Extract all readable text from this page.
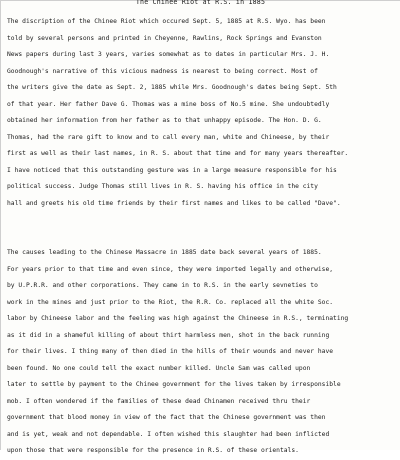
The Chinee Riot at R.S. in 1885
The discription of the Chinee Riot which occured Sept. 5, 1885 at R.S. Wyo. has been
told by several persons and printed in Cheyenne, Rawlins, Rock Springs and Evanston
News papers during last 3 years, varies somewhat as to dates in particular Mrs. J. H.
Goodnough's narrative of this vicious madness is nearest to being correct. Most of
the writers give the date as Sept. 2, 1885 while Mrs. Goodnough's dates being Sept. 5th
of that year. Her father Dave G. Thomas was a mine boss of No.5 mine. She undoubtedly
obtained her information from her father as to that unhappy episode. The Hon. D. G.
Thomas, had the rare gift to know and to call every man, white and Chineese, by their
first as well as their last names, in R. S. about that time and for many years thereafter.
I have noticed that this outstanding gesture was in a large measure responsible for his
political success. Judge Thomas still lives in R. S. having his office in the city
hall and greets his old time friends by their first names and likes to be called "Dave".
The causes leading to the Chinese Massacre in 1885 date back several years of 1885.
For years prior to that time and even since, they were imported legally and otherwise,
by U.P.R.R. and other corporations. They came in to R.S. in the early sevneties to
work in the mines and just prior to the Riot, the R.R. Co. replaced all the white Soc.
labor by Chineese labor and the feeling was high against the Chineese in R.S., terminating
as it did in a shameful killing of about thirt harmless men, shot in the back running
for their lives. I thing many of then died in the hills of their wounds and never have
been found. No one could tell the exact number killed. Uncle Sam was called upon
later to settle by payment to the Chinee government for the lives taken by irresponsible
mob. I often wondered if the families of these dead Chinamen received thru their
government that blood money in view of the fact that the Chinese government was then
and is yet, weak and not dependable. I often wished this slaughter had been inflicted
upon those that were responsible for the presence in R.S. of these orientals.
